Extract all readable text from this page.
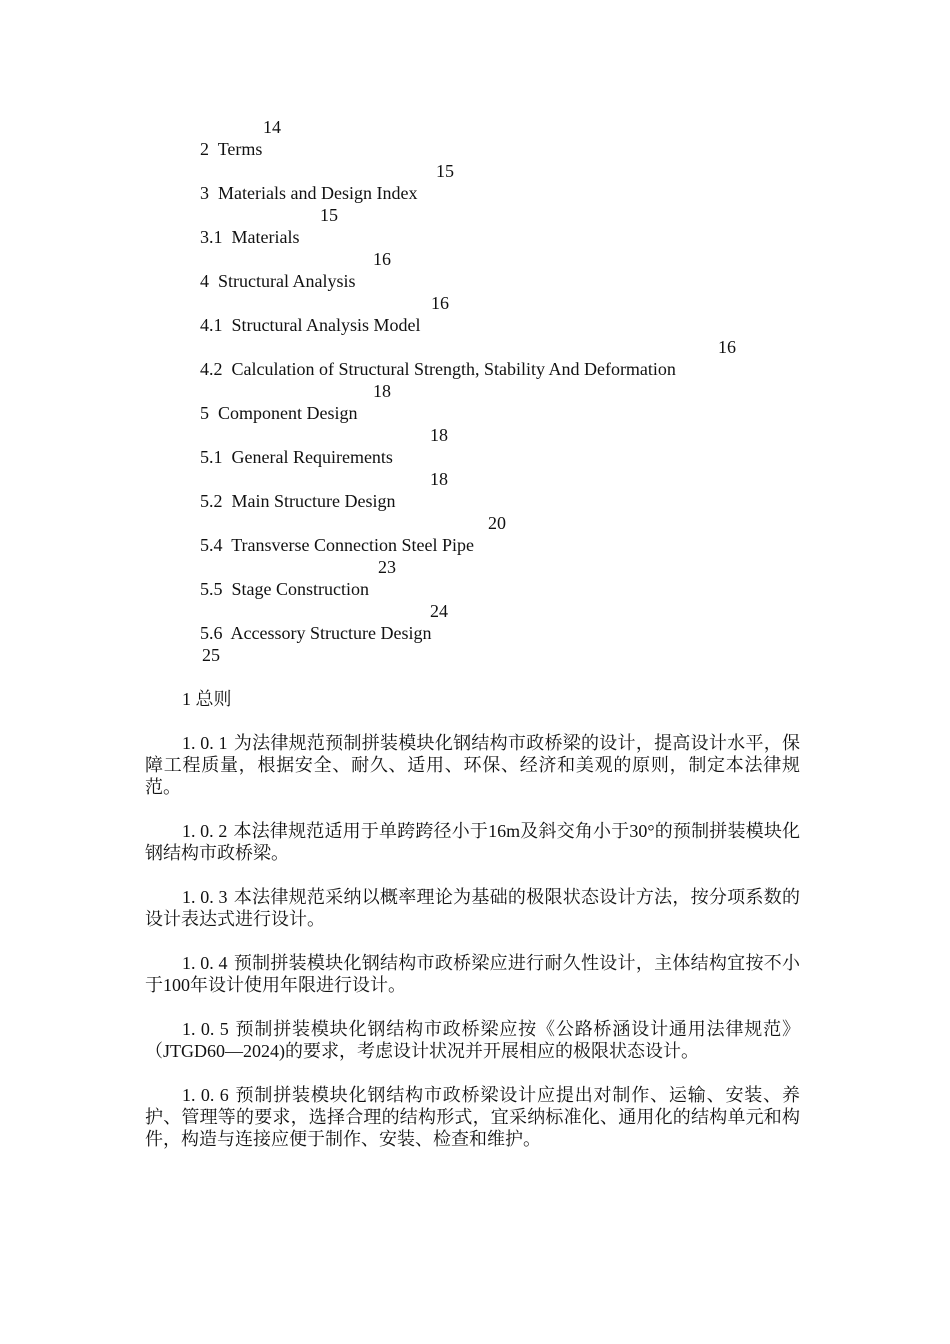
2 Terms

14

3 Materials and Design Index

15

3.1 Materials

15

4 Structural Analysis

16

4.1 Structural Analysis Model

16

4.2 Calculation of Structural Strength, Stability And Deformation

16

5 Component Design

18

5.1 General Requirements

18

5.2 Main Structure Design

18

5.4 Transverse Connection Steel Pipe

20

5.5 Stage Construction

23

5.6 Accessory Structure Design

24

25

1 总则
1. 0. 1 为法律规范预制拼装模块化钢结构市政桥梁的设计，提高设计水平，保障工程质量，根据安全、耐久、适用、环保、经济和美观的原则，制定本法律规范。
1. 0. 2 本法律规范适用于单跨跨径小于16m及斜交角小于30°的预制拼装模块化钢结构市政桥梁。
1. 0. 3 本法律规范采纳以概率理论为基础的极限状态设计方法，按分项系数的设计表达式进行设计。
1. 0. 4 预制拼装模块化钢结构市政桥梁应进行耐久性设计，主体结构宜按不小于100年设计使用年限进行设计。
1. 0. 5 预制拼装模块化钢结构市政桥梁应按《公路桥涵设计通用法律规范》（JTGD60—2024)的要求，考虑设计状况并开展相应的极限状态设计。
1. 0. 6 预制拼装模块化钢结构市政桥梁设计应提出对制作、运输、安装、养护、管理等的要求，选择合理的结构形式，宜采纳标准化、通用化的结构单元和构件，构造与连接应便于制作、安装、检查和维护。
